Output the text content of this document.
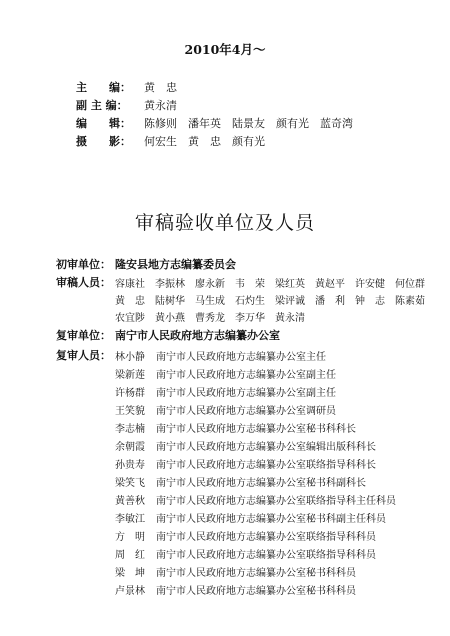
2010年4月～
主　　编： 黄　忠
副 主 编： 黄永清
编　　辑： 陈修则　潘年英　陆景友　颜有光　蓝奇湾
摄　　影： 何宏生　黄　忠　颜有光
审稿验收单位及人员
初审单位： 隆安县地方志编纂委员会
审稿人员： 容康社　李振林　廖永新　韦　荣　梁红英　黄赵平　许安健　何位群
黄　忠　陆树华　马生成　石灼生　梁评诚　潘　利　钟　志　陈素茹
农宜陟　黄小燕　曹秀龙　李万华　黄永清
复审单位： 南宁市人民政府地方志编纂办公室
复审人员： 林小静 南宁市人民政府地方志编纂办公室主任
梁新莲 南宁市人民政府地方志编纂办公室副主任
许杨群 南宁市人民政府地方志编纂办公室副主任
王笑貌 南宁市人民政府地方志编纂办公室调研员
李志楠 南宁市人民政府地方志编纂办公室秘书科科长
余朝霞 南宁市人民政府地方志编纂办公室编辑出版科科长
孙贵寿 南宁市人民政府地方志编纂办公室联络指导科科长
梁笑飞 南宁市人民政府地方志编纂办公室秘书科副科长
黄善秋 南宁市人民政府地方志编纂办公室联络指导科主任科员
李敏江 南宁市人民政府地方志编纂办公室秘书科副主任科员
方　明 南宁市人民政府地方志编纂办公室联络指导科科员
周　红 南宁市人民政府地方志编纂办公室联络指导科科员
梁　坤 南宁市人民政府地方志编纂办公室秘书科科员
卢景林 南宁市人民政府地方志编纂办公室秘书科科员
